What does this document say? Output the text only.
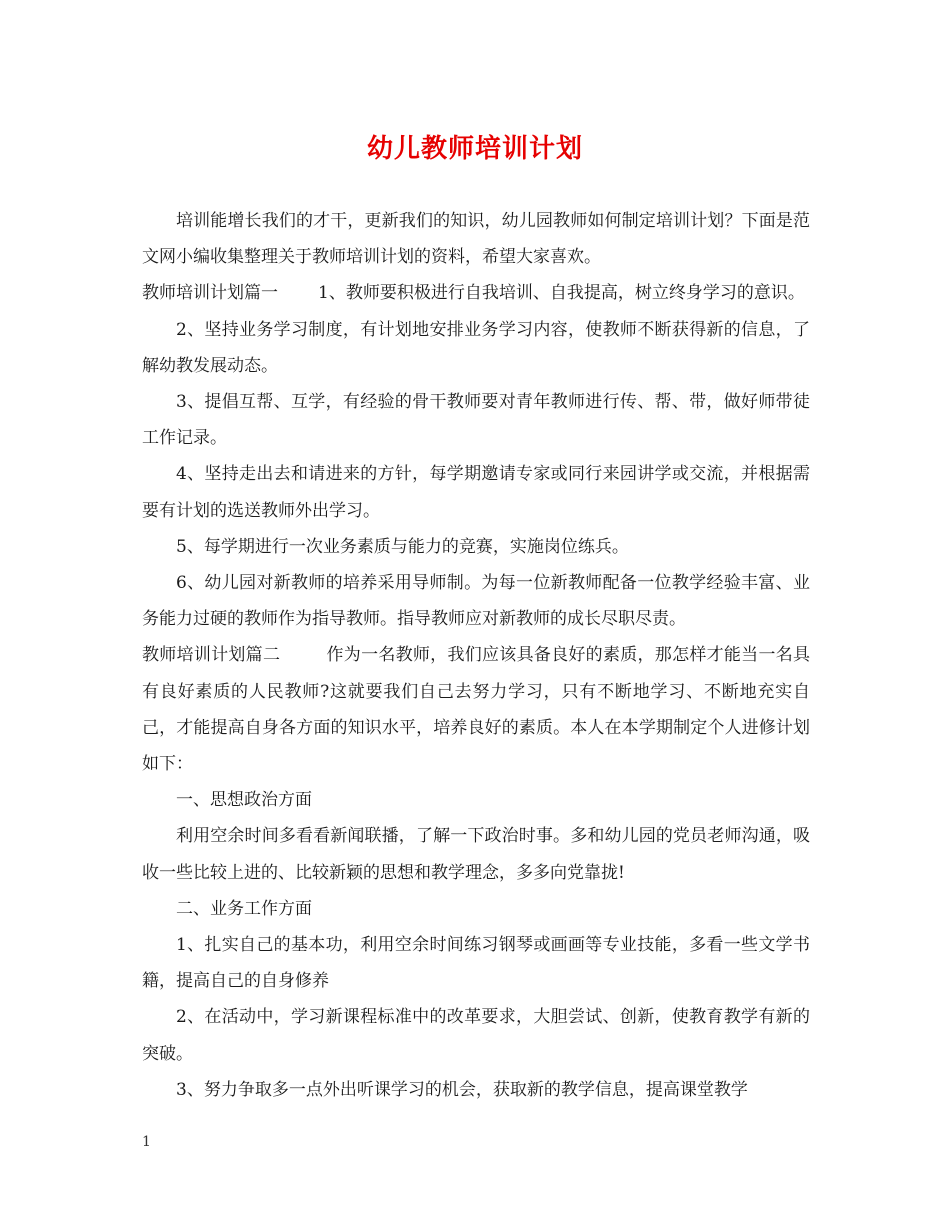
幼儿教师培训计划

培训能增长我们的才干，更新我们的知识，幼儿园教师如何制定培训计划？下面是范文网小编收集整理关于教师培训计划的资料，希望大家喜欢。

教师培训计划篇一 1、教师要积极进行自我培训、自我提高，树立终身学习的意识。

2、坚持业务学习制度，有计划地安排业务学习内容，使教师不断获得新的信息，了解幼教发展动态。

3、提倡互帮、互学，有经验的骨干教师要对青年教师进行传、帮、带，做好师带徒工作记录。

4、坚持走出去和请进来的方针，每学期邀请专家或同行来园讲学或交流，并根据需要有计划的选送教师外出学习。

5、每学期进行一次业务素质与能力的竞赛，实施岗位练兵。

6、幼儿园对新教师的培养采用导师制。为每一位新教师配备一位教学经验丰富、业务能力过硬的教师作为指导教师。指导教师应对新教师的成长尽职尽责。

教师培训计划篇二	作为一名教师，我们应该具备良好的素质，那怎样才能当一名具有良好素质的人民教师?这就要我们自己去努力学习，只有不断地学习、不断地充实自己，才能提高自身各方面的知识水平，培养良好的素质。本人在本学期制定个人进修计划如下：

一、思想政治方面

利用空余时间多看看新闻联播，了解一下政治时事。多和幼儿园的党员老师沟通，吸收一些比较上进的、比较新颖的思想和教学理念，多多向党靠拢!

二、业务工作方面

1、扎实自己的基本功，利用空余时间练习钢琴或画画等专业技能，多看一些文学书籍，提高自己的自身修养

2、在活动中，学习新课程标准中的改革要求，大胆尝试、创新，使教育教学有新的突破。

3、努力争取多一点外出听课学习的机会，获取新的教学信息，提高课堂教学

1
